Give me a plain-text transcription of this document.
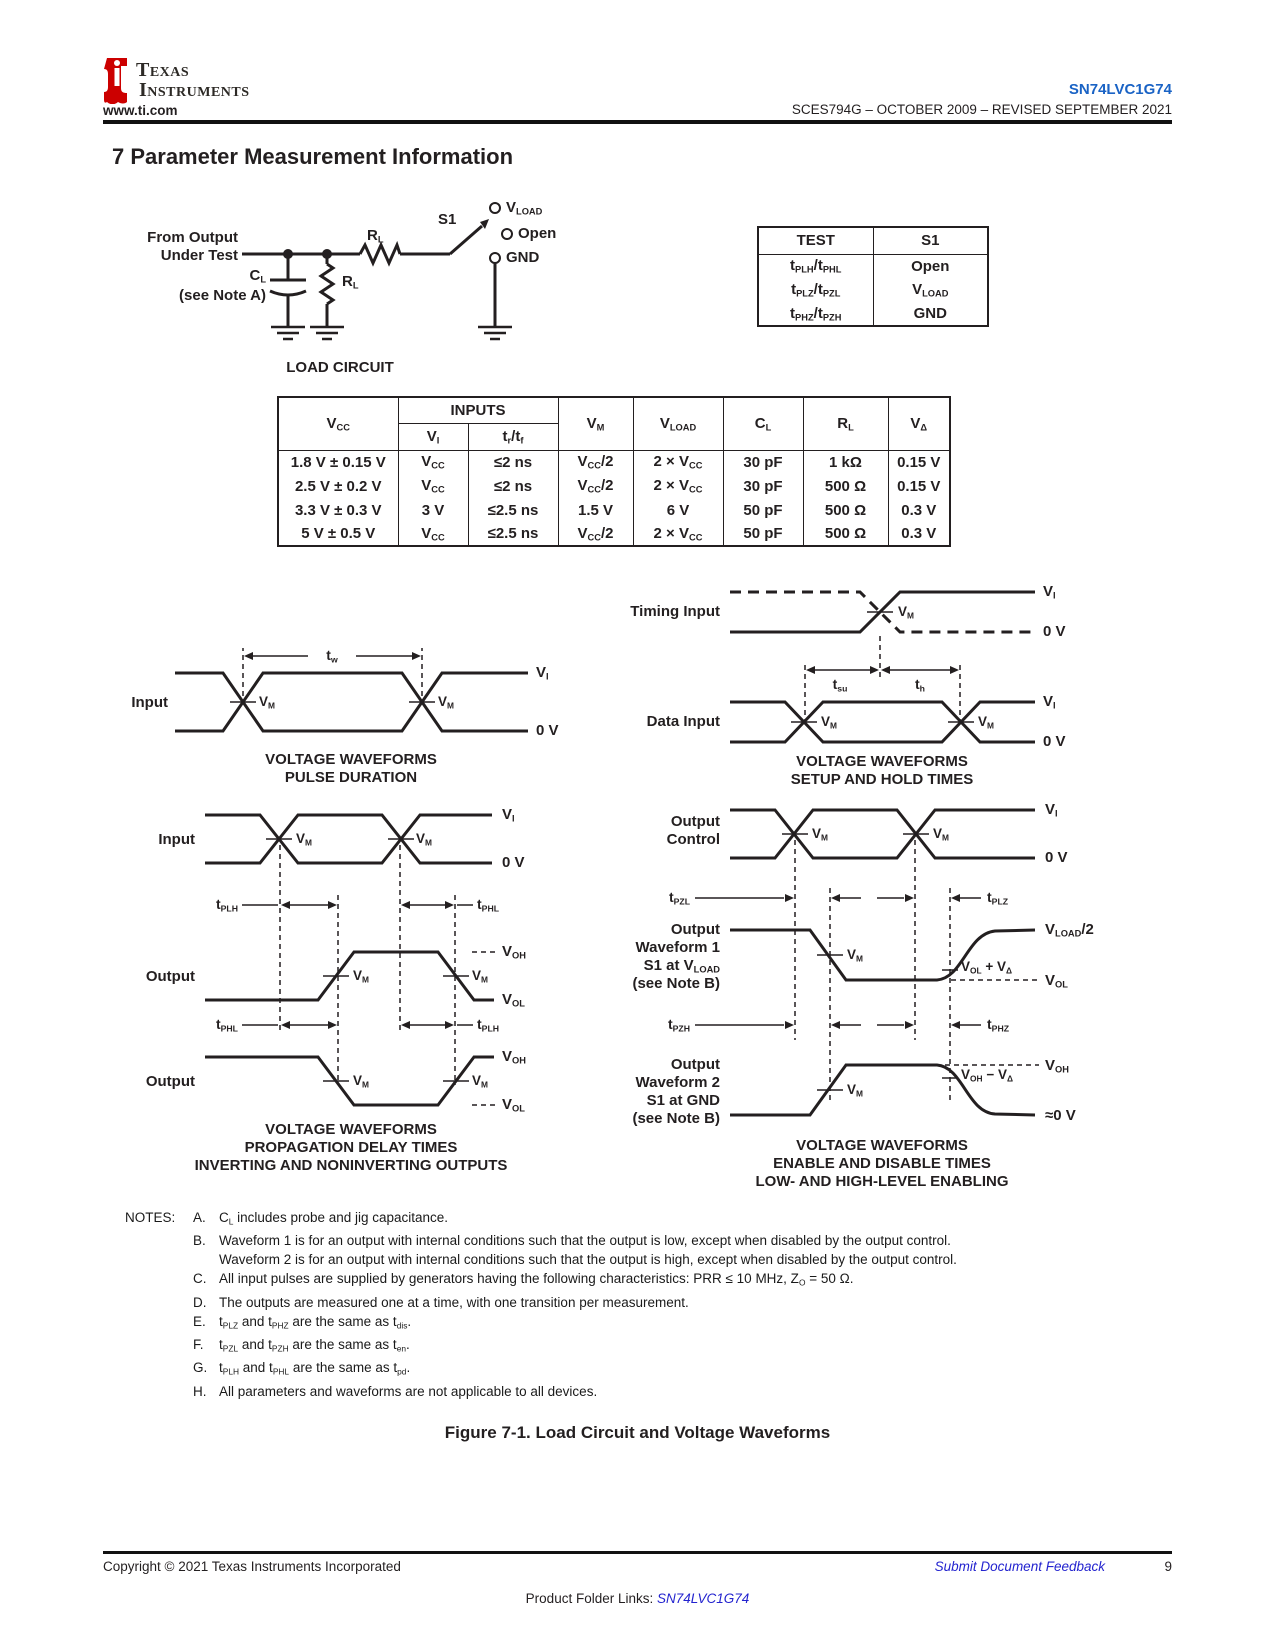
Texas
Instruments
www.ti.com
SN74LVC1G74
SCES794G – OCTOBER 2009 – REVISED SEPTEMBER 2021
7 Parameter Measurement Information
From Output
Under Test
$C_L$
(see Note A)
$R_L$
$R_L$
S1
$V_{LOAD}$
Open
GND
LOAD CIRCUIT
TEST	S1
$t_{PLH}/t_{PHL}$	Open
$t_{PLZ}/t_{PZL}$	$V_{LOAD}$
$t_{PHZ}/t_{PZH}$	GND
$V_{CC}$	INPUTS		$V_M$	$V_{LOAD}$	$C_L$	$R_L$	$V_\Delta$
	$V_I$	$t_r/t_f$
1.8 V ± 0.15 V	$V_{CC}$	≤2 ns	$V_{CC}/2$	$2 \times V_{CC}$	30 pF	1 kΩ	0.15 V
2.5 V ± 0.2 V	$V_{CC}$	≤2 ns	$V_{CC}/2$	$2 \times V_{CC}$	30 pF	500 Ω	0.15 V
3.3 V ± 0.3 V	3 V	≤2.5 ns	1.5 V	6 V	50 pF	500 Ω	0.3 V
5 V ± 0.5 V	$V_{CC}$	≤2.5 ns	$V_{CC}/2$	$2 \times V_{CC}$	50 pF	500 Ω	0.3 V
Input
$t_w$
$V_M$	$V_M$
$V_I$
0 V
VOLTAGE WAVEFORMS
PULSE DURATION
Timing Input
Data Input
$V_M$
$V_M$	$V_M$
$t_{su}$	$t_h$
$V_I$
0 V
$V_I$
0 V
VOLTAGE WAVEFORMS
SETUP AND HOLD TIMES
Input
Output
Output
$V_M$	$V_M$
$V_M$	$V_M$
$V_M$	$V_M$
$t_{PLH}$	$t_{PHL}$
$t_{PHL}$	$t_{PLH}$
$V_I$
0 V
$V_{OH}$
$V_{OL}$
$V_{OH}$
$V_{OL}$
VOLTAGE WAVEFORMS
PROPAGATION DELAY TIMES
INVERTING AND NONINVERTING OUTPUTS
Output
Control
Output
Waveform 1
S1 at $V_{LOAD}$
(see Note B)
Output
Waveform 2
S1 at GND
(see Note B)
$V_M$	$V_M$
$V_M$
$V_M$
$V_{OL} + V_\Delta$
$V_{OH} - V_\Delta$
$t_{PZL}$	$t_{PLZ}$
$t_{PZH}$	$t_{PHZ}$
$V_I$
0 V
$V_{LOAD}/2$
$V_{OL}$
$V_{OH}$
≈0 V
VOLTAGE WAVEFORMS
ENABLE AND DISABLE TIMES
LOW- AND HIGH-LEVEL ENABLING
NOTES:	A. $C_L$ includes probe and jig capacitance.
B. Waveform 1 is for an output with internal conditions such that the output is low, except when disabled by the output control.
Waveform 2 is for an output with internal conditions such that the output is high, except when disabled by the output control.
C. All input pulses are supplied by generators having the following characteristics: PRR ≤ 10 MHz, $Z_O = 50$ Ω.
D. The outputs are measured one at a time, with one transition per measurement.
E. $t_{PLZ}$ and $t_{PHZ}$ are the same as $t_{dis}$.
F.	$t_{PZL}$ and $t_{PZH}$ are the same as $t_{en}$.
G. $t_{PLH}$ and $t_{PHL}$ are the same as $t_{pd}$.
H. All parameters and waveforms are not applicable to all devices.
Figure 7-1. Load Circuit and Voltage Waveforms
Copyright © 2021 Texas Instruments Incorporated	Submit Document Feedback	9
Product Folder Links: SN74LVC1G74
